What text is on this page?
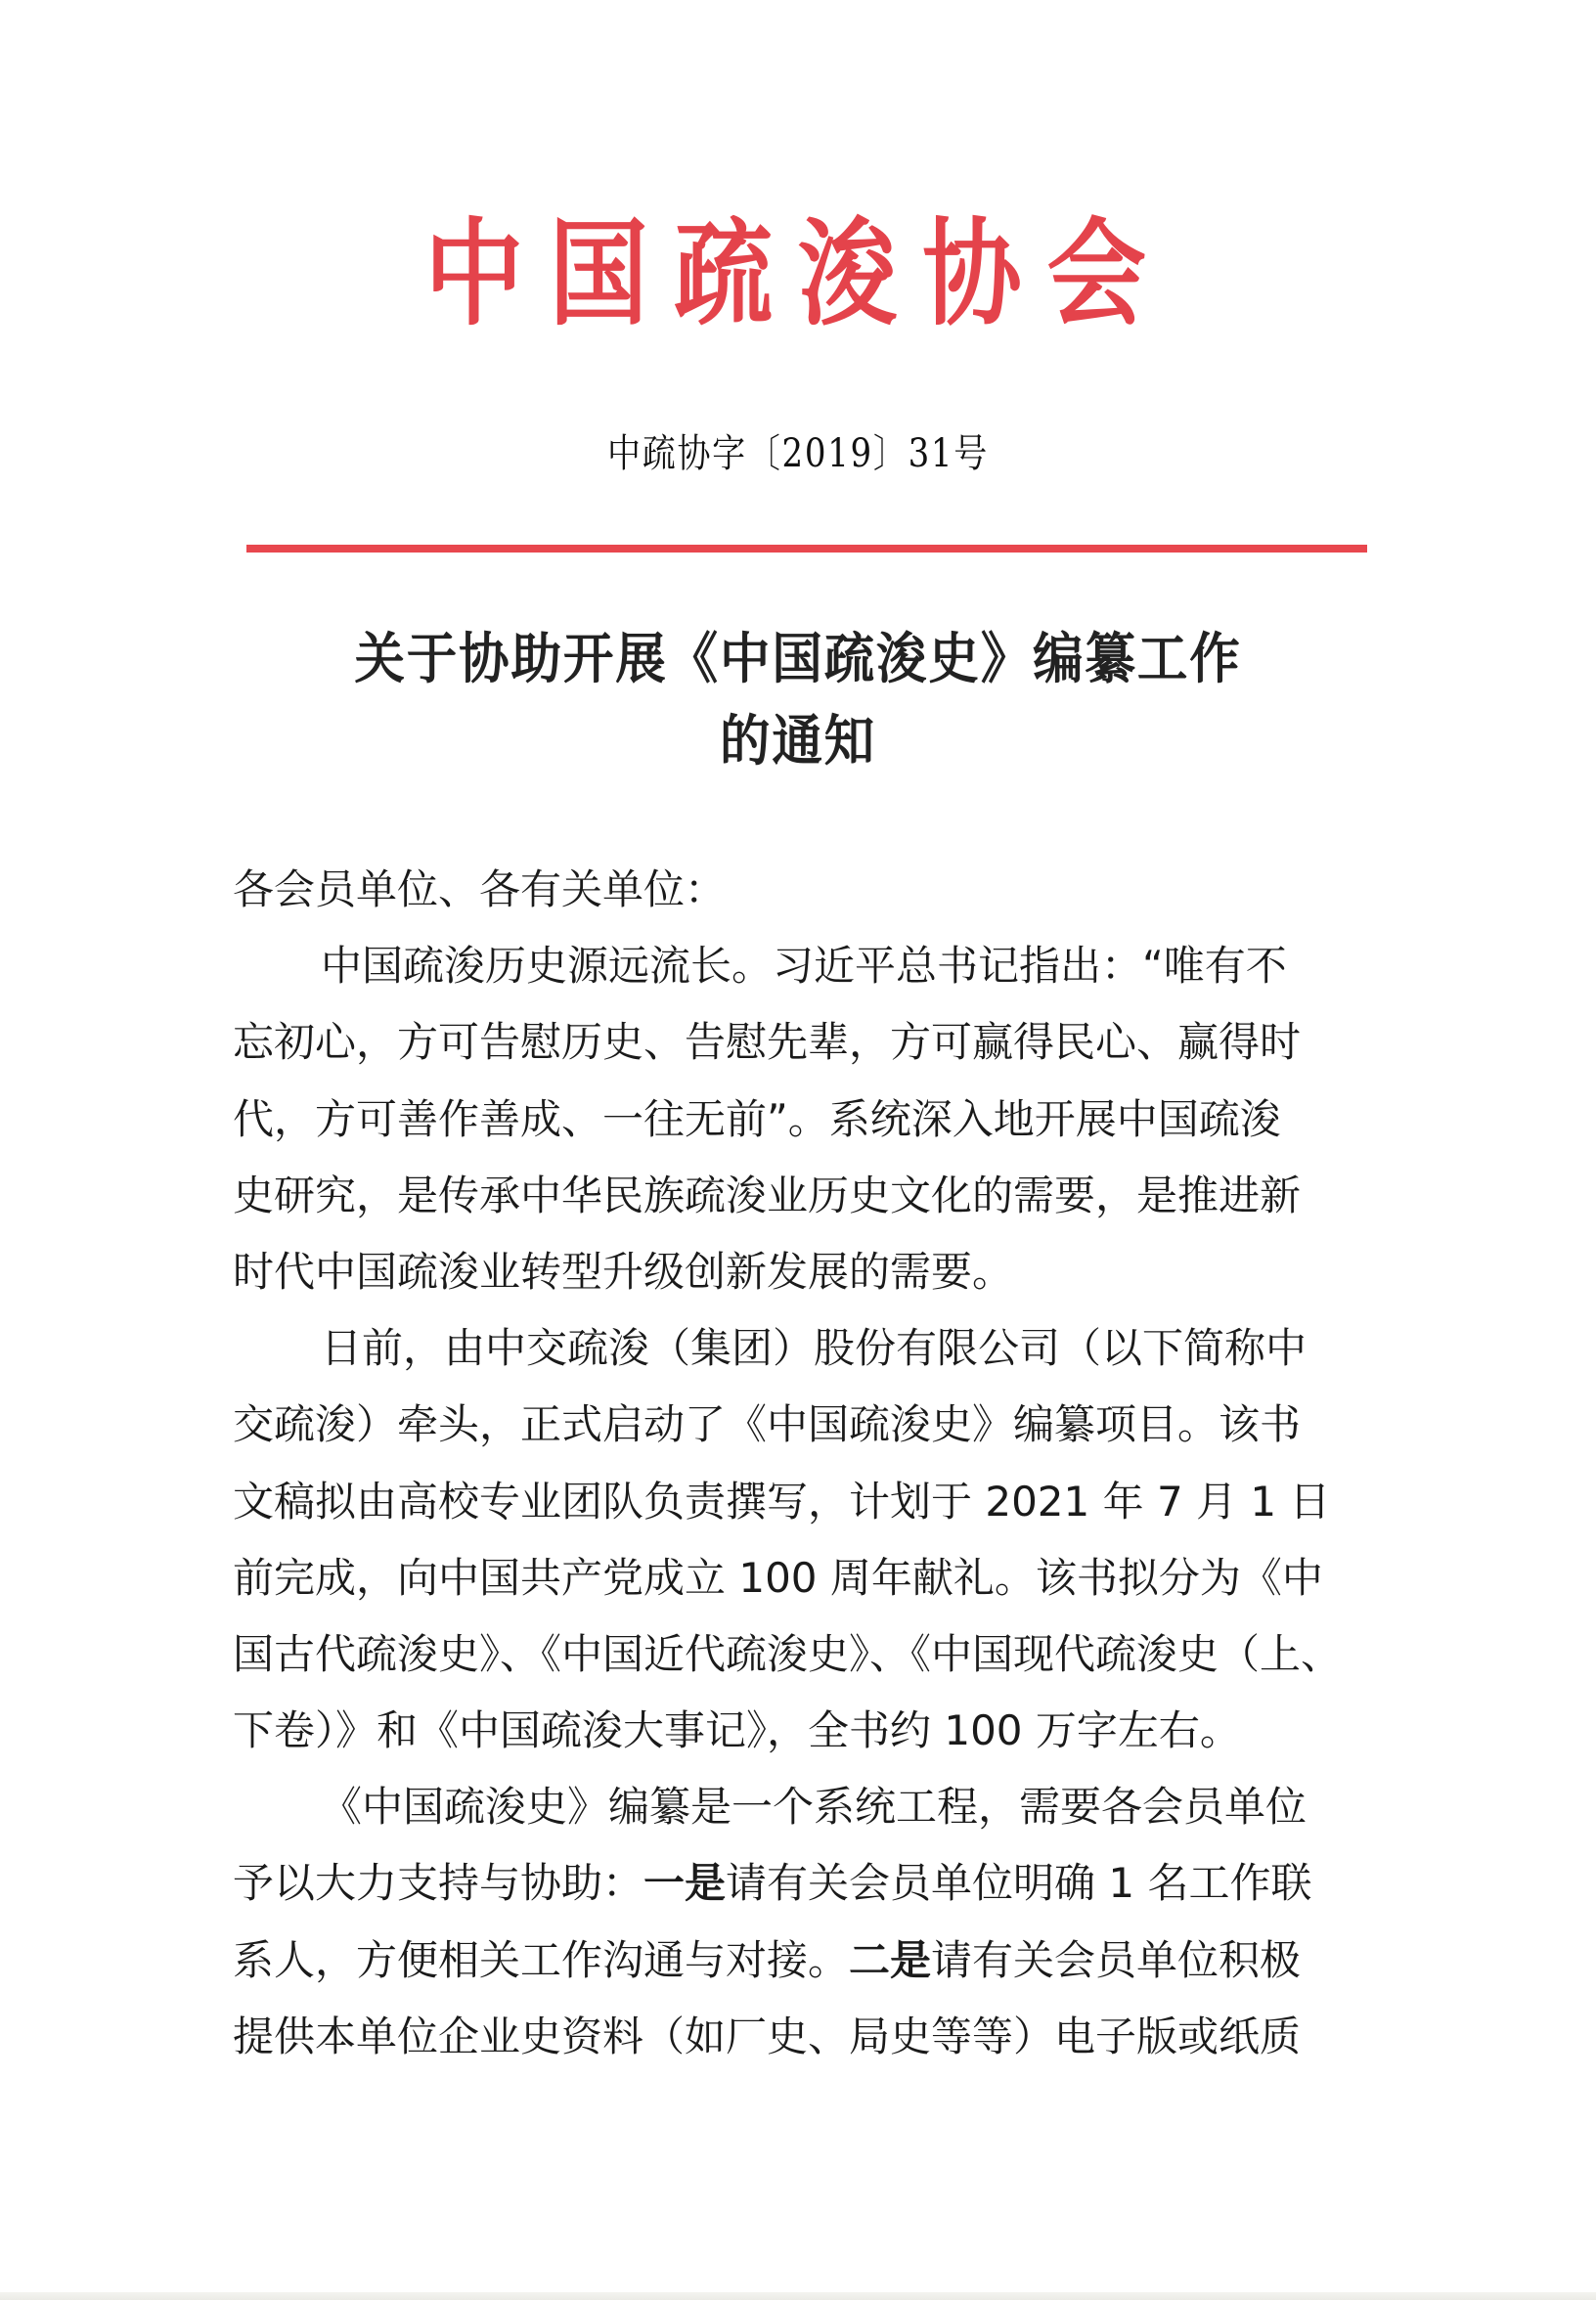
中国疏浚协会
中疏协字〔2019〕31号
关于协助开展《中国疏浚史》编纂工作
的通知
各会员单位、各有关单位：
中国疏浚历史源远流长。习近平总书记指出：“唯有不
忘初心，方可告慰历史、告慰先辈，方可赢得民心、赢得时
代，方可善作善成、一往无前”。系统深入地开展中国疏浚
史研究，是传承中华民族疏浚业历史文化的需要，是推进新
时代中国疏浚业转型升级创新发展的需要。
日前，由中交疏浚（集团）股份有限公司（以下简称中
交疏浚）牵头，正式启动了《中国疏浚史》编纂项目。该书
文稿拟由高校专业团队负责撰写，计划于 2021 年 7 月 1 日
前完成，向中国共产党成立 100 周年献礼。该书拟分为《中
国古代疏浚史》、《中国近代疏浚史》、《中国现代疏浚史（上、
下卷）》和《中国疏浚大事记》，全书约 100 万字左右。
《中国疏浚史》编纂是一个系统工程，需要各会员单位
予以大力支持与协助：一是请有关会员单位明确 1 名工作联
系人，方便相关工作沟通与对接。二是请有关会员单位积极
提供本单位企业史资料（如厂史、局史等等）电子版或纸质
